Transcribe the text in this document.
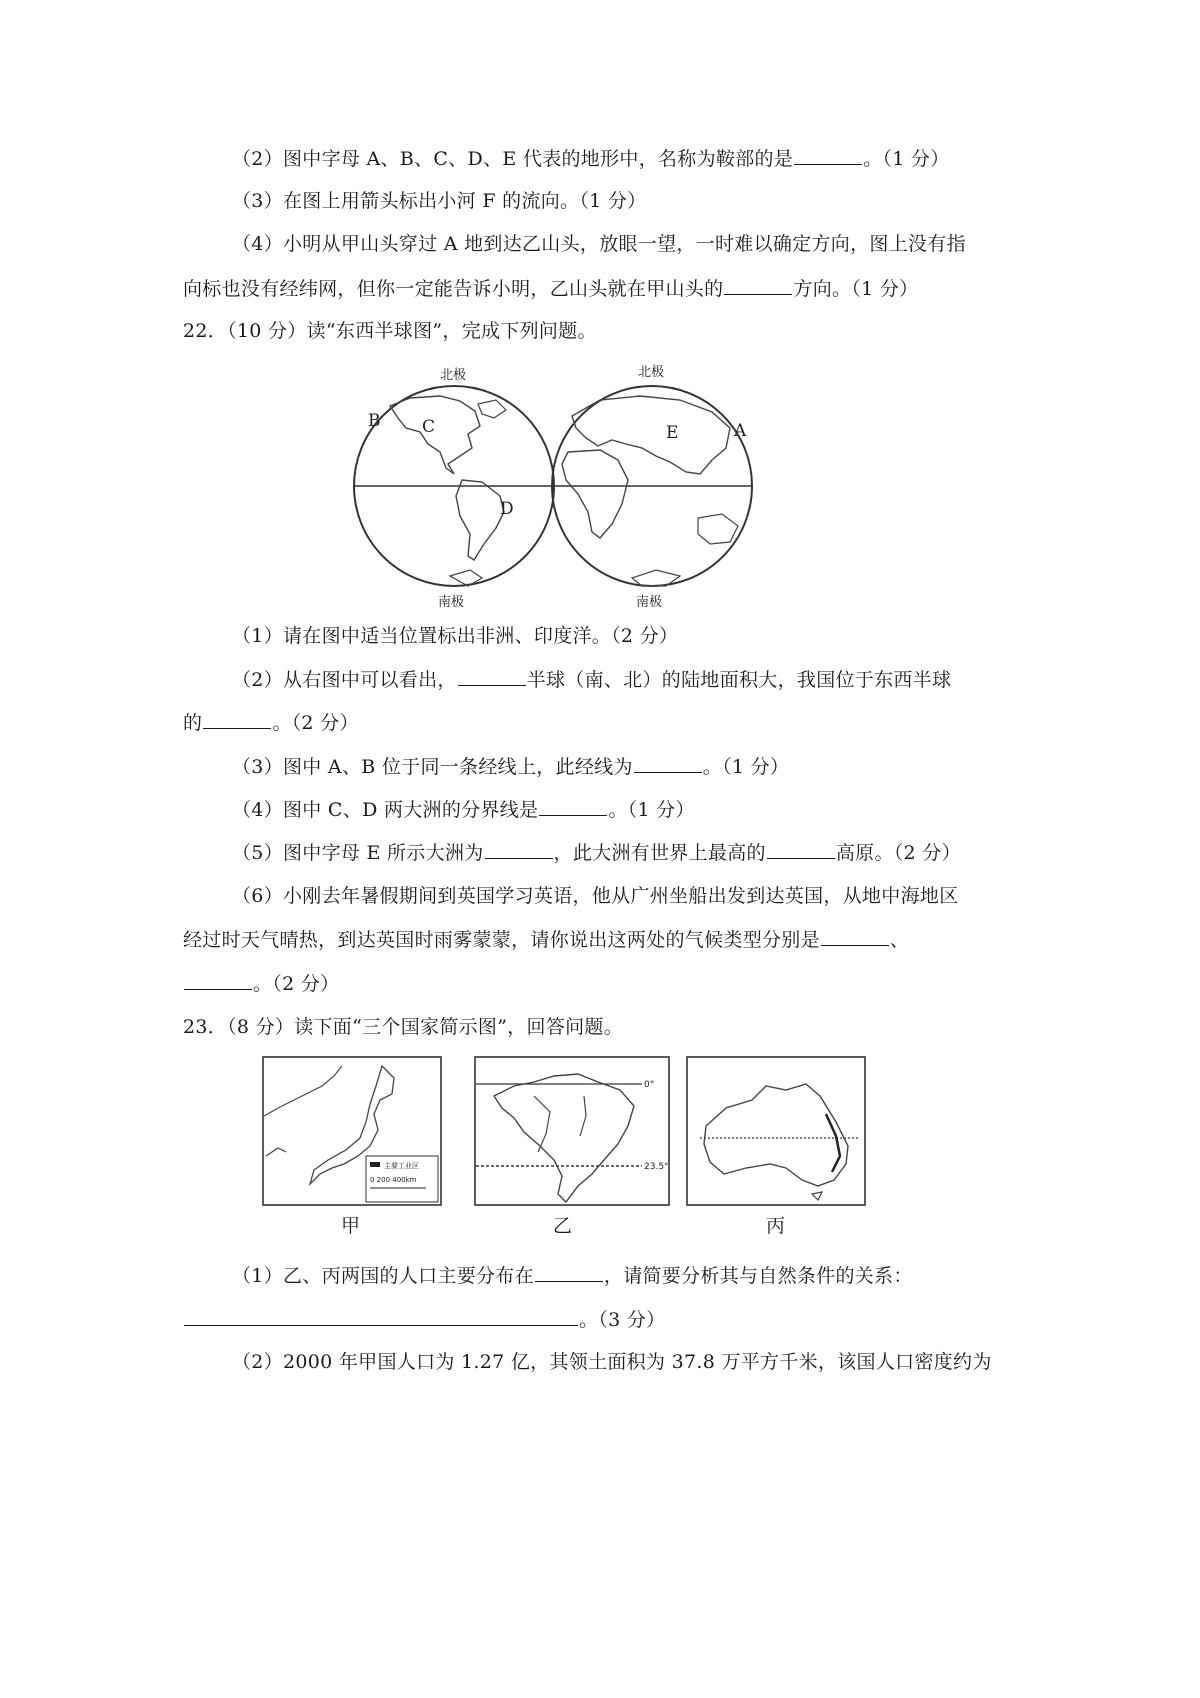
（2）图中字母 A、B、C、D、E 代表的地形中，名称为鞍部的是	。（1 分）
（3）在图上用箭头标出小河 F 的流向。（1 分）
（4）小明从甲山头穿过 A 地到达乙山头，放眼一望，一时难以确定方向，图上没有指
向标也没有经纬网，但你一定能告诉小明，乙山头就在甲山头的	方向。（1 分）
22．（10 分）读“东西半球图”，完成下列问题。
北极	北极
南极	南极
B C
D
E	A
（1）请在图中适当位置标出非洲、印度洋。（2 分）
（2）从右图中可以看出，	半球（南、北）的陆地面积大，我国位于东西半球
的	。（2 分）
（3）图中 A、B 位于同一条经线上，此经线为	。（1 分）
（4）图中 C、D 两大洲的分界线是	。（1 分）
（5）图中字母 E 所示大洲为	，此大洲有世界上最高的	高原。（2 分）
（6）小刚去年暑假期间到英国学习英语，他从广州坐船出发到达英国，从地中海地区
经过时天气晴热，到达英国时雨雾蒙蒙，请你说出这两处的气候类型分别是	、
。（2 分）
23．（8 分）读下面“三个国家简示图”，回答问题。
主要工业区
0 200 400km
甲
0°
23.5°
乙	丙
（1）乙、丙两国的人口主要分布在	，请简要分析其与自然条件的关系：
。（3 分）
（2）2000 年甲国人口为 1.27 亿，其领土面积为 37.8 万平方千米，该国人口密度约为
